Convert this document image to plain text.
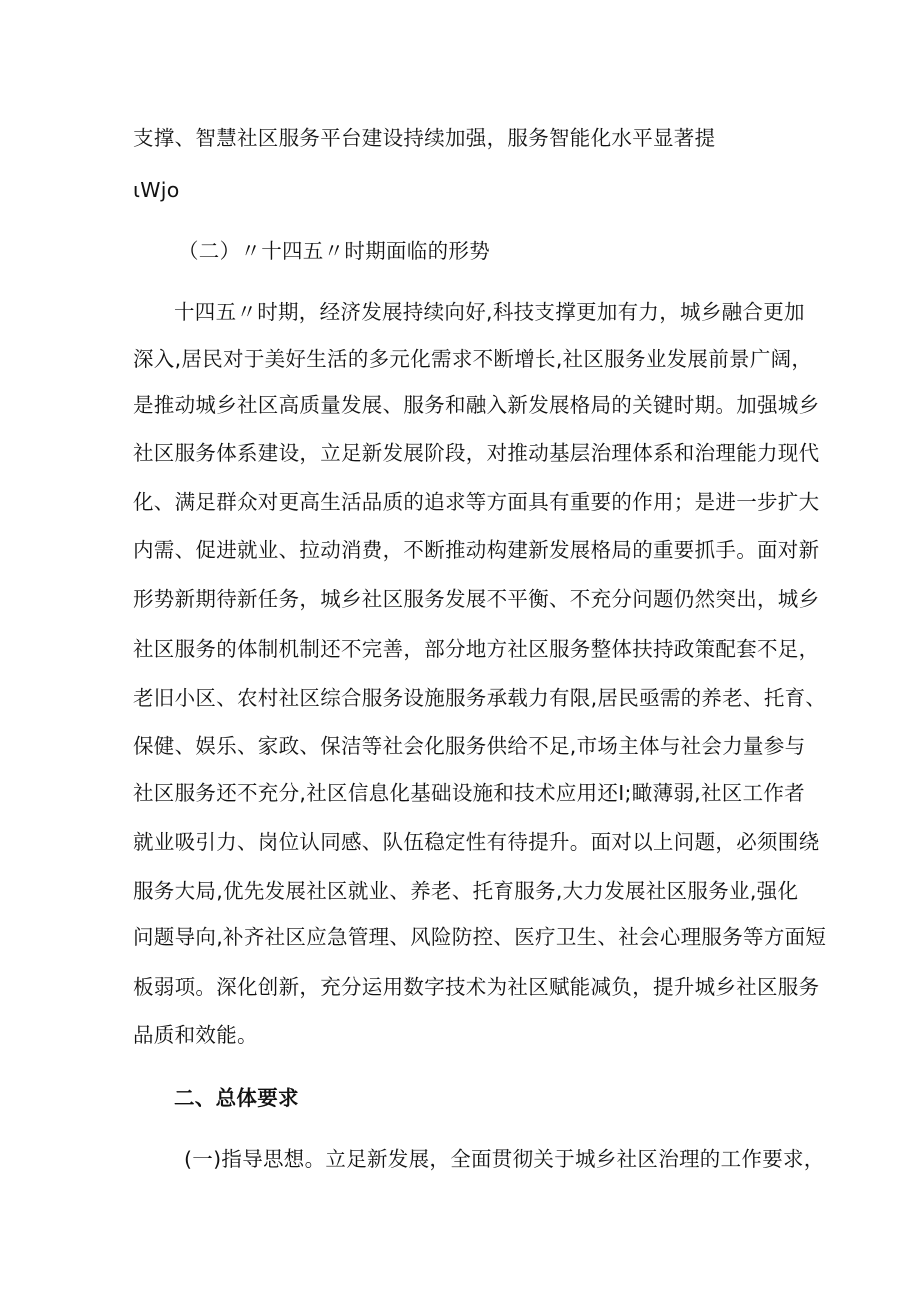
支撑、智慧社区服务平台建设持续加强，服务智能化水平显著提
ιWjo
（二）〃十四五〃时期面临的形势
十四五〃时期，经济发展持续向好,科技支撑更加有力，城乡融合更加
深入,居民对于美好生活的多元化需求不断增长,社区服务业发展前景广阔，
是推动城乡社区高质量发展、服务和融入新发展格局的关键时期。加强城乡
社区服务体系建设，立足新发展阶段，对推动基层治理体系和治理能力现代
化、满足群众对更高生活品质的追求等方面具有重要的作用；是进一步扩大
内需、促进就业、拉动消费，不断推动构建新发展格局的重要抓手。面对新
形势新期待新任务，城乡社区服务发展不平衡、不充分问题仍然突出，城乡
社区服务的体制机制还不完善，部分地方社区服务整体扶持政策配套不足，
老旧小区、农村社区综合服务设施服务承载力有限,居民亟需的养老、托育、
保健、娱乐、家政、保洁等社会化服务供给不足,市场主体与社会力量参与
社区服务还不充分,社区信息化基础设施和技术应用还Ⅰ;瞰薄弱,社区工作者
就业吸引力、岗位认同感、队伍稳定性有待提升。面对以上问题，必须围绕
服务大局,优先发展社区就业、养老、托育服务,大力发展社区服务业,强化
问题导向,补齐社区应急管理、风险防控、医疗卫生、社会心理服务等方面短
板弱项。深化创新，充分运用数字技术为社区赋能减负，提升城乡社区服务
品质和效能。
二、总体要求
(一)指导思想。立足新发展，全面贯彻关于城乡社区治理的工作要求，
